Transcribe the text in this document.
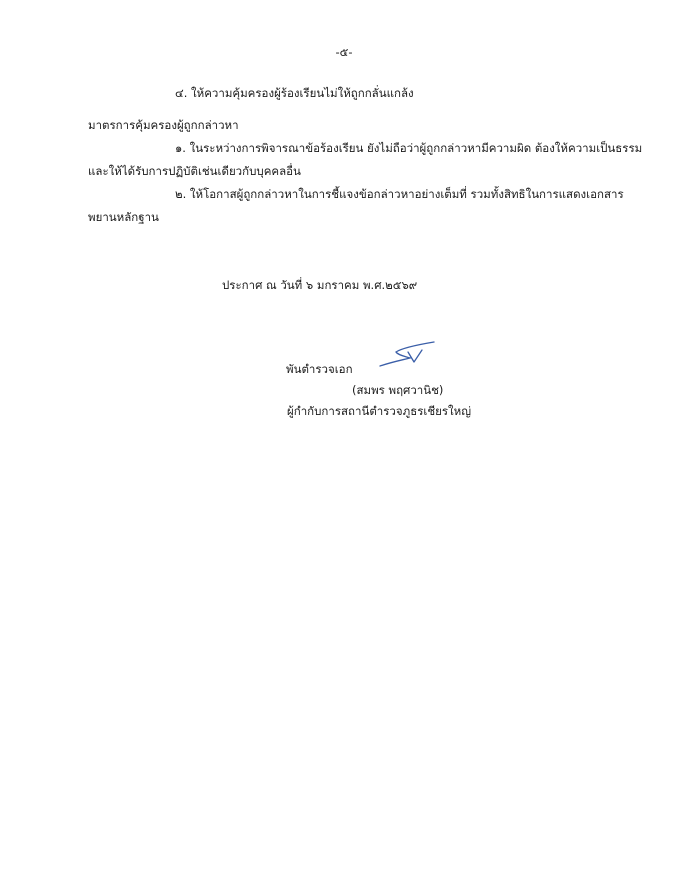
-๕-
๔. ให้ความคุ้มครองผู้ร้องเรียนไม่ให้ถูกกลั่นแกล้ง
มาตรการคุ้มครองผู้ถูกกล่าวหา
๑. ในระหว่างการพิจารณาข้อร้องเรียน ยังไม่ถือว่าผู้ถูกกล่าวหามีความผิด ต้องให้ความเป็นธรรม
และให้ได้รับการปฏิบัติเช่นเดียวกับบุคคลอื่น
๒. ให้โอกาสผู้ถูกกล่าวหาในการชี้แจงข้อกล่าวหาอย่างเต็มที่ รวมทั้งสิทธิในการแสดงเอกสาร
พยานหลักฐาน
ประกาศ ณ วันที่ ๖ มกราคม พ.ศ.๒๕๖๙
พันตำรวจเอก
(สมพร พฤศวานิช)
ผู้กำกับการสถานีตำรวจภูธรเชียรใหญ่
